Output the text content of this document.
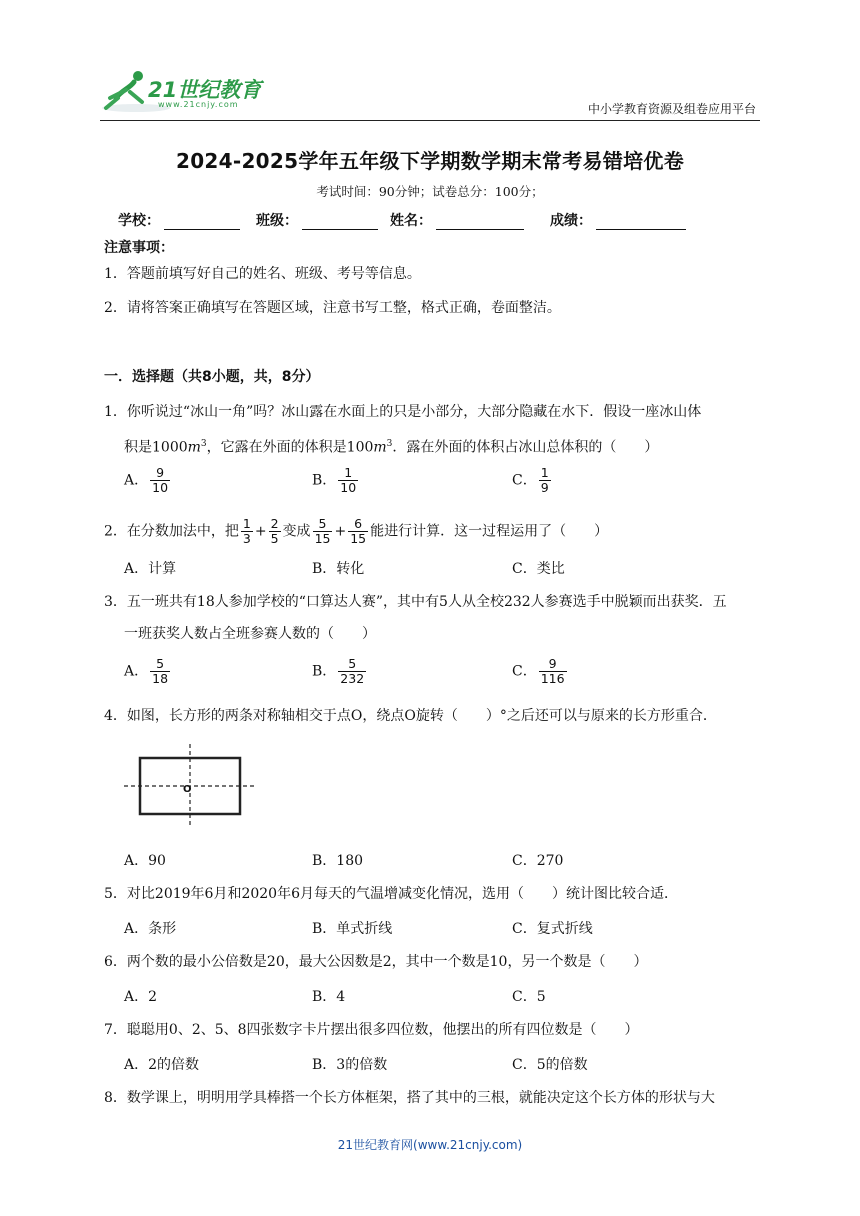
21世纪教育
www.21cnjy.com	中小学教育资源及组卷应用平台
2024-2025学年五年级下学期数学期末常考易错培优卷
考试时间：90分钟；试卷总分：100分；
学校：	班级：	姓名：	成绩：
注意事项：
1．答题前填写好自己的姓名、班级、考号等信息。
2．请将答案正确填写在答题区域，注意书写工整，格式正确，卷面整洁。
一．选择题（共8小题，共，8分）
1．你听说过“冰山一角”吗？冰山露在水面上的只是小部分，大部分隐藏在水下．假设一座冰山体
积是$1000m^3$，它露在外面的体积是$100m^3$．露在外面的体积占冰山总体积的（　　）
A． $\frac{9}{10}$	B． $\frac{1}{10}$	C． $\frac{1}{9}$
2．在分数加法中，把 $\frac{1}{3} + \frac{2}{5}$ 变成 $\frac{5}{15} + \frac{6}{15}$ 能进行计算．这一过程运用了（　　）
A．计算	B．转化	C．类比
3．五一班共有18人参加学校的“口算达人赛”，其中有5人从全校232人参赛选手中脱颖而出获奖．五
一班获奖人数占全班参赛人数的（　　）
A． $\frac{5}{18}$	B． $\frac{5}{232}$	C． $\frac{9}{116}$
4．如图，长方形的两条对称轴相交于点O，绕点O旋转（　　）°之后还可以与原来的长方形重合．
O
A．90	B．180	C．270
5．对比2019年6月和2020年6月每天的气温增减变化情况，选用（　　）统计图比较合适．
A．条形	B．单式折线	C．复式折线
6．两个数的最小公倍数是20，最大公因数是2，其中一个数是10，另一个数是（　　）
A．2	B．4	C．5
7．聪聪用0、2、5、8四张数字卡片摆出很多四位数，他摆出的所有四位数是（　　）
A．2的倍数	B．3的倍数	C．5的倍数
8．数学课上，明明用学具棒搭一个长方体框架，搭了其中的三根，就能决定这个长方体的形状与大
21世纪教育网(www.21cnjy.com)
